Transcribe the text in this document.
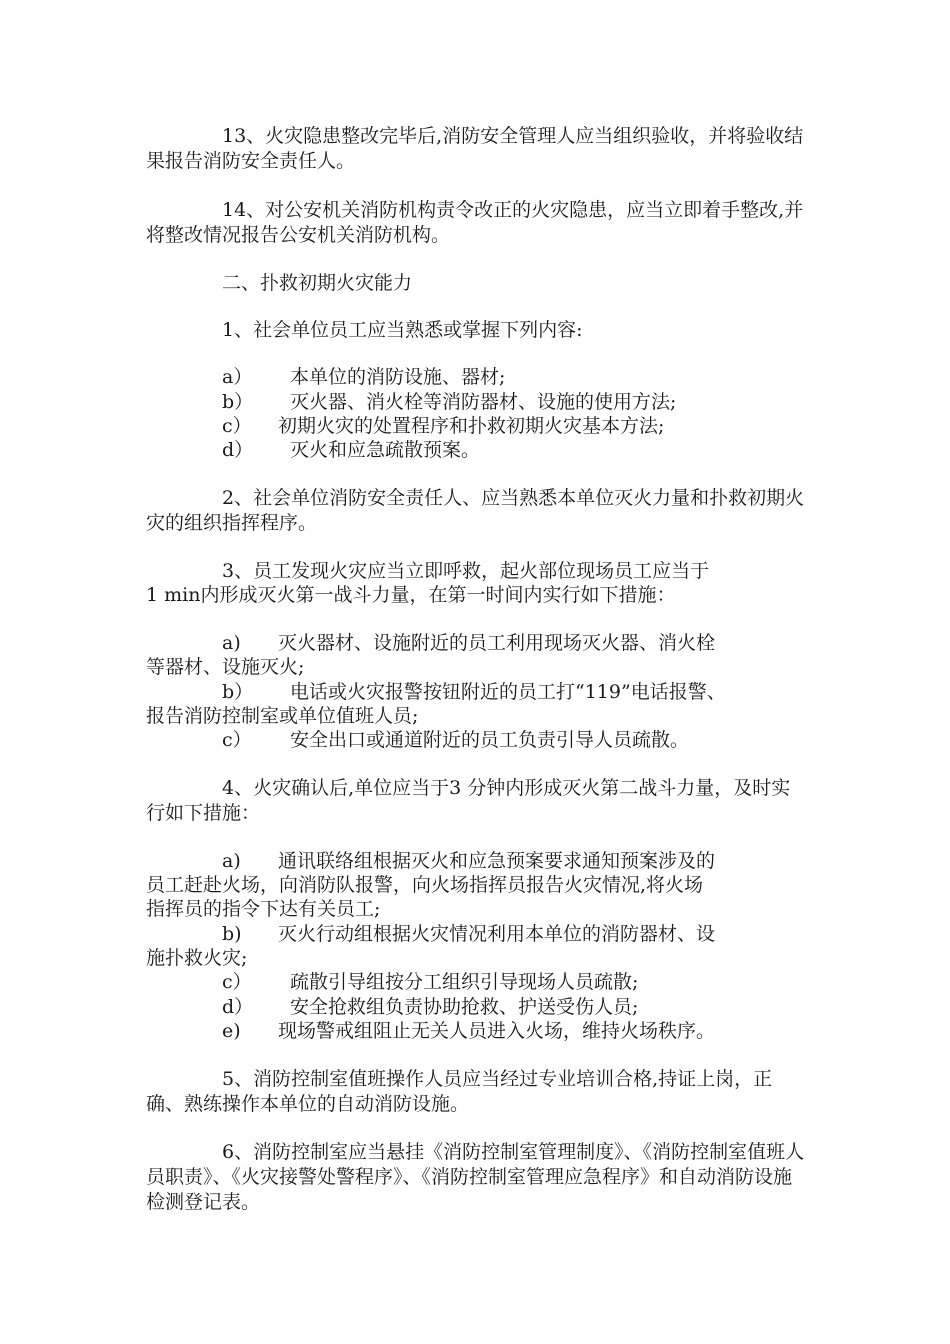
13、火灾隐患整改完毕后,消防安全管理人应当组织验收，并将验收结果报告消防安全责任人。
14、对公安机关消防机构责令改正的火灾隐患，应当立即着手整改,并将整改情况报告公安机关消防机构。
二、扑救初期火灾能力
1、社会单位员工应当熟悉或掌握下列内容:
a） 本单位的消防设施、器材;
b） 灭火器、消火栓等消防器材、设施的使用方法;
c） 初期火灾的处置程序和扑救初期火灾基本方法;
d） 灭火和应急疏散预案。
2、社会单位消防安全责任人、应当熟悉本单位灭火力量和扑救初期火灾的组织指挥程序。
3、员工发现火灾应当立即呼救，起火部位现场员工应当于
1 min内形成灭火第一战斗力量，在第一时间内实行如下措施：
a) 灭火器材、设施附近的员工利用现场灭火器、消火栓
等器材、设施灭火;
b） 电话或火灾报警按钮附近的员工打“119”电话报警、
报告消防控制室或单位值班人员;
c） 安全出口或通道附近的员工负责引导人员疏散。
4、火灾确认后,单位应当于3 分钟内形成灭火第二战斗力量，及时实行如下措施：
a) 通讯联络组根据灭火和应急预案要求通知预案涉及的
员工赶赴火场，向消防队报警，向火场指挥员报告火灾情况,将火场
指挥员的指令下达有关员工;
b) 灭火行动组根据火灾情况利用本单位的消防器材、设
施扑救火灾;
c） 疏散引导组按分工组织引导现场人员疏散;
d） 安全抢救组负责协助抢救、护送受伤人员;
e) 现场警戒组阻止无关人员进入火场，维持火场秩序。
5、消防控制室值班操作人员应当经过专业培训合格,持证上岗，正确、熟练操作本单位的自动消防设施。
6、消防控制室应当悬挂《消防控制室管理制度》、《消防控制室值班人员职责》、《火灾接警处警程序》、《消防控制室管理应急程序》和自动消防设施检测登记表。
